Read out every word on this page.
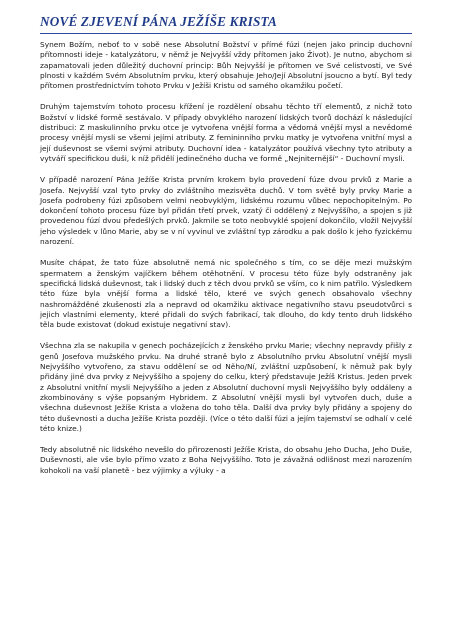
NOVÉ ZJEVENÍ PÁNA JEŽÍŠE KRISTA

Synem Božím, neboť to v sobě nese Absolutní Božství v přímé fúzi (nejen jako princip duchovní přítomnosti ideje - katalyzátoru, v němž je Nejvyšší vždy přítomen jako Život). Je nutno, abychom si zapamatovali jeden důležitý duchovní princip: Bůh Nejvyšší je přítomen ve Své celistvosti, ve Své plnosti v každém Svém Absolutním prvku, který obsahuje Jeho/Její Absolutní jsoucno a bytí. Byl tedy přítomen prostřednictvím tohoto Prvku v Ježíši Kristu od samého okamžiku početí.

Druhým tajemstvím tohoto procesu křížení je rozdělení obsahu těchto tří elementů, z nichž toto Božství v lidské formě sestávalo. V případy obvyklého narození lidských tvorů dochází k následující distribuci: Z maskulinního prvku otce je vytvořena vnější forma a vědomá vnější mysl a nevědomé procesy vnější mysli se všemi jejími atributy. Z femininního prvku matky je vytvořena vnitřní mysl a její duševnost se všemi svými atributy. Duchovní idea - katalyzátor používá všechny tyto atributy a vytváří specifickou duši, k níž přidělí jedinečného ducha ve formě „Nejniternější“ - Duchovní mysli.

V případě narození Pána Ježíše Krista prvním krokem bylo provedení fúze dvou prvků z Marie a Josefa. Nejvyšší vzal tyto prvky do zvláštního mezisvěta duchů. V tom světě byly prvky Marie a Josefa podrobeny fúzi způsobem velmi neobvyklým, lidskému rozumu vůbec nepochopitelným. Po dokončení tohoto procesu fúze byl přidán třetí prvek, vzatý či oddělený z Nejvyššího, a spojen s již provedenou fúzí dvou předešlých prvků. Jakmile se toto neobvyklé spojení dokončilo, vložil Nejvyšší jeho výsledek v lůno Marie, aby se v ní vyvinul ve zvláštní typ zárodku a pak došlo k jeho fyzickému narození.

Musíte chápat, že tato fúze absolutně nemá nic společného s tím, co se děje mezi mužským spermatem a ženským vajíčkem během otěhotnění. V procesu této fúze byly odstraněny jak specifická lidská duševnost, tak i lidský duch z těch dvou prvků se vším, co k nim patřilo. Výsledkem této fúze byla vnější forma a lidské tělo, které ve svých genech obsahovalo všechny nashromážděné zkušenosti zla a nepravd od okamžiku aktivace negativního stavu pseudotvůrci s jejich vlastními elementy, které přidali do svých fabrikací, tak dlouho, do kdy tento druh lidského těla bude existovat (dokud existuje negativní stav).

Všechna zla se nakupila v genech pocházejících z ženského prvku Marie; všechny nepravdy přišly z genů Josefova mužského prvku. Na druhé straně bylo z Absolutního prvku Absolutní vnější mysli Nejvyššího vytvořeno, za stavu oddělení se od Něho/Ní, zvláštní uzpůsobení, k němuž pak byly přidány jiné dva prvky z Nejvyššího a spojeny do celku, který představuje Ježíš Kristus. Jeden prvek z Absolutní vnitřní mysli Nejvyššího a jeden z Absolutní duchovní mysli Nejvyššího byly oddáleny a zkombinovány s výše popsaným Hybridem. Z Absolutní vnější mysli byl vytvořen duch, duše a všechna duševnost Ježíše Krista a vložena do toho těla. Další dva prvky byly přidány a spojeny do této duševnosti a ducha Ježíše Krista později. (Více o této další fúzi a jejím tajemství se odhalí v celé této knize.)

Tedy absolutně nic lidského nevešlo do přirozenosti Ježíše Krista, do obsahu Jeho Ducha, Jeho Duše, Duševnosti, ale vše bylo přímo vzato z Boha Nejvyššího. Toto je závažná odlišnost mezi narozením kohokoli na vaší planetě - bez výjimky a výluky - a
